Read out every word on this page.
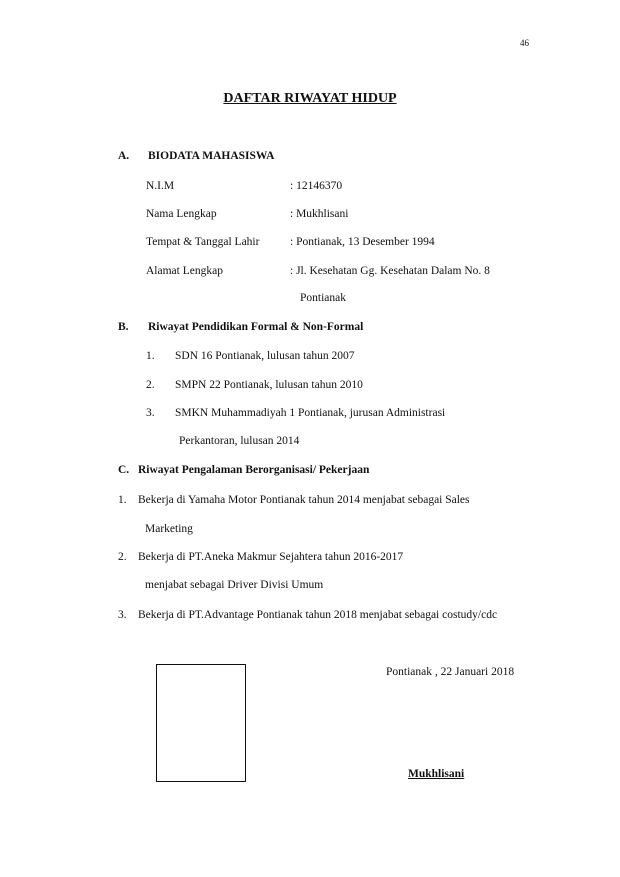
46
DAFTAR RIWAYAT HIDUP
A. BIODATA MAHASISWA
N.I.M	: 12146370
Nama Lengkap	: Mukhlisani
Tempat & Tanggal Lahir	: Pontianak, 13 Desember 1994
Alamat Lengkap	: Jl. Kesehatan Gg. Kesehatan Dalam No. 8
Pontianak
B. Riwayat Pendidikan Formal & Non-Formal
1. SDN 16 Pontianak, lulusan tahun 2007
2. SMPN 22 Pontianak, lulusan tahun 2010
3. SMKN Muhammadiyah 1 Pontianak, jurusan Administrasi
Perkantoran, lulusan 2014
C. Riwayat Pengalaman Berorganisasi/ Pekerjaan
1. Bekerja di Yamaha Motor Pontianak tahun 2014 menjabat sebagai Sales
Marketing
2. Bekerja di PT.Aneka Makmur Sejahtera tahun 2016-2017
menjabat sebagai Driver Divisi Umum
3. Bekerja di PT.Advantage Pontianak tahun 2018 menjabat sebagai costudy/cdc
Pontianak , 22 Januari 2018
Mukhlisani
